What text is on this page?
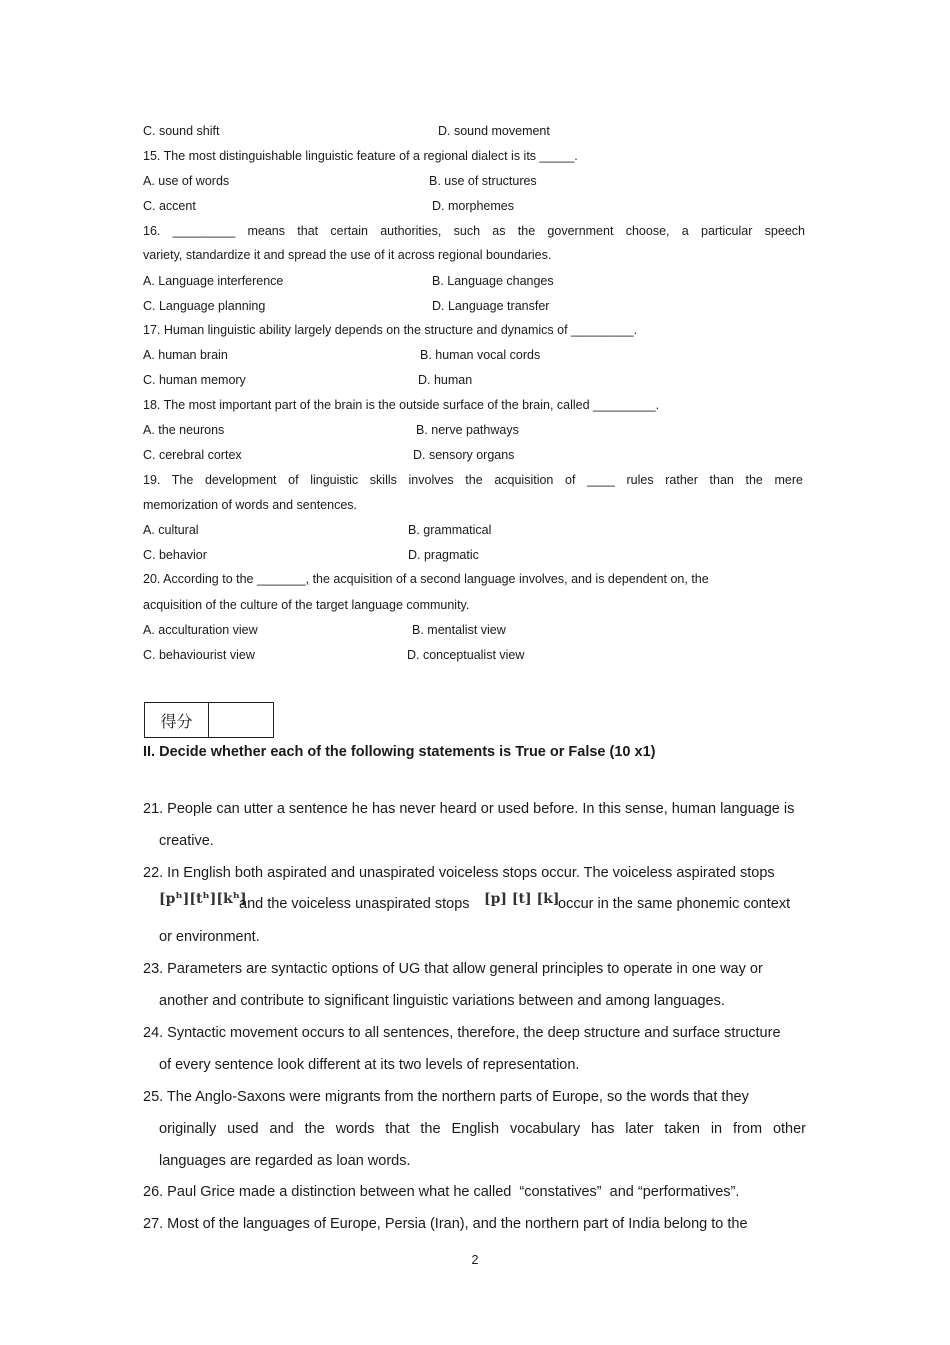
C. sound shift	D. sound movement
15. The most distinguishable linguistic feature of a regional dialect is its _____.
A. use of words	B. use of structures
C. accent	D. morphemes
16. _________ means that certain authorities, such as the government choose, a particular speech
variety, standardize it and spread the use of it across regional boundaries.
A. Language interference	B. Language changes
C. Language planning	D. Language transfer
17. Human linguistic ability largely depends on the structure and dynamics of _________.
A. human brain	B. human vocal cords
C. human memory	D. human
18. The most important part of the brain is the outside surface of the brain, called _________.
A. the neurons	B. nerve pathways
C. cerebral cortex	D. sensory organs
19. The development of linguistic skills involves the acquisition of ____ rules rather than the mere
memorization of words and sentences.
A. cultural	B. grammatical
C. behavior	D. pragmatic
20. According to the _______, the acquisition of a second language involves, and is dependent on, the
acquisition of the culture of the target language community.
A. acculturation view	B. mentalist view
C. behaviourist view	D. conceptualist view
得分
II. Decide whether each of the following statements is True or False (10 x1)
21. People can utter a sentence he has never heard or used before. In this sense, human language is
creative.
22. In English both aspirated and unaspirated voiceless stops occur. The voiceless aspirated stops
[pʰ][tʰ][kʰ]
and the voiceless unaspirated stops [p] [t] [k]
occur in the same phonemic context
or environment.
23. Parameters are syntactic options of UG that allow general principles to operate in one way or
another and contribute to significant linguistic variations between and among languages.
24. Syntactic movement occurs to all sentences, therefore, the deep structure and surface structure
of every sentence look different at its two levels of representation.
25. The Anglo-Saxons were migrants from the northern parts of Europe, so the words that they
originally used and the words that the English vocabulary has later taken in from other
languages are regarded as loan words.
26. Paul Grice made a distinction between what he called  “constatives”  and “performatives”.
27. Most of the languages of Europe, Persia (Iran), and the northern part of India belong to the
2
